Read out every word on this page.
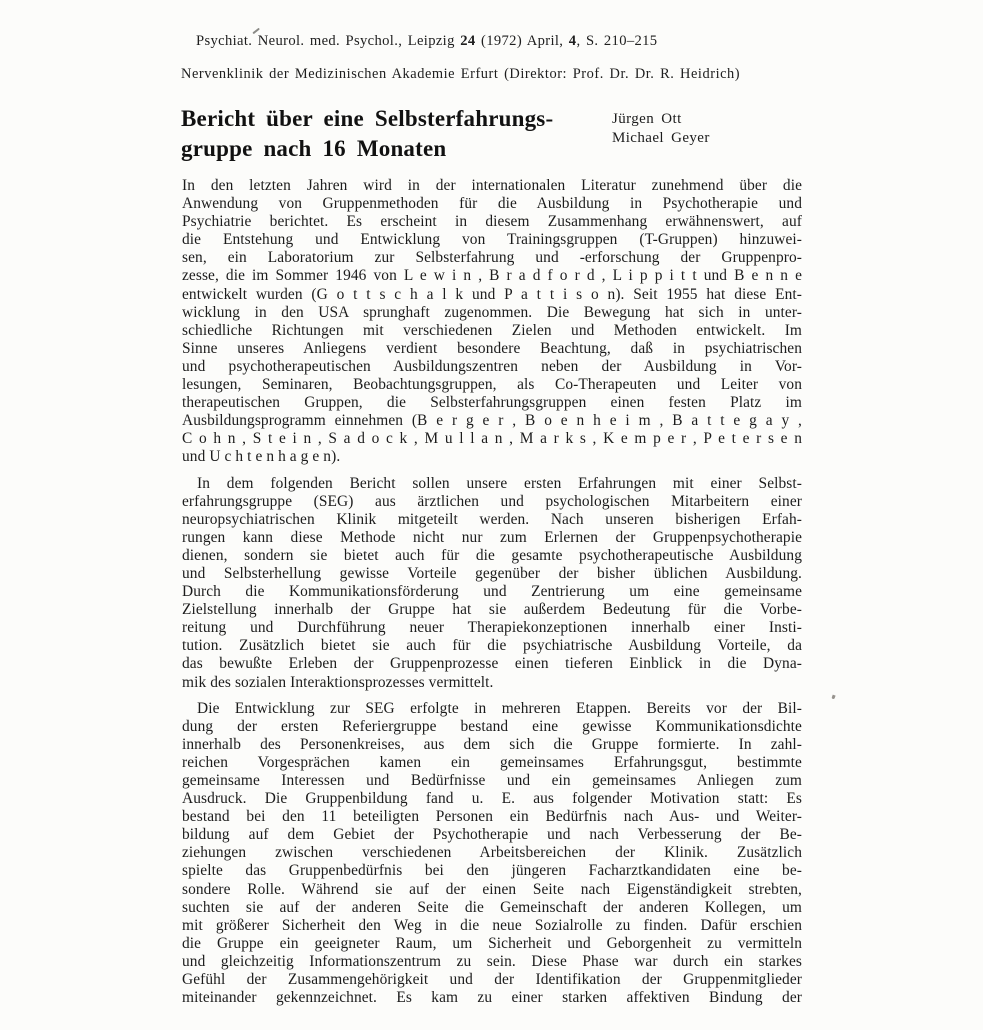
Psychiat. Neurol. med. Psychol., Leipzig 24 (1972) April, 4, S. 210–215
Nervenklinik der Medizinischen Akademie Erfurt (Direktor: Prof. Dr. Dr. R. Heidrich)
Bericht über eine Selbsterfahrungs-
gruppe nach 16 Monaten
Jürgen Ott
Michael Geyer
In den letzten Jahren wird in der internationalen Literatur zunehmend über die
Anwendung von Gruppenmethoden für die Ausbildung in Psychotherapie und
Psychiatrie berichtet. Es erscheint in diesem Zusammenhang erwähnenswert, auf
die Entstehung und Entwicklung von Trainingsgruppen (T-Gruppen) hinzuwei-
sen, ein Laboratorium zur Selbsterfahrung und -erforschung der Gruppenpro-
zesse, die im Sommer 1946 von L e w i n , B r a d f o r d , L i p p i t t und B e n n e
entwickelt wurden (G o t t s c h a l k und P a t t i s o n). Seit 1955 hat diese Ent-
wicklung in den USA sprunghaft zugenommen. Die Bewegung hat sich in unter-
schiedliche Richtungen mit verschiedenen Zielen und Methoden entwickelt. Im
Sinne unseres Anliegens verdient besondere Beachtung, daß in psychiatrischen
und psychotherapeutischen Ausbildungszentren neben der Ausbildung in Vor-
lesungen, Seminaren, Beobachtungsgruppen, als Co-Therapeuten und Leiter von
therapeutischen Gruppen, die Selbsterfahrungsgruppen einen festen Platz im
Ausbildungsprogramm einnehmen (B e r g e r , B o e n h e i m , B a t t e g a y ,
C o h n , S t e i n , S a d o c k , M u l l a n , M a r k s , K e m p e r , P e t e r s e n
und U c h t e n h a g e n).
In dem folgenden Bericht sollen unsere ersten Erfahrungen mit einer Selbst-
erfahrungsgruppe (SEG) aus ärztlichen und psychologischen Mitarbeitern einer
neuropsychiatrischen Klinik mitgeteilt werden. Nach unseren bisherigen Erfah-
rungen kann diese Methode nicht nur zum Erlernen der Gruppenpsychotherapie
dienen, sondern sie bietet auch für die gesamte psychotherapeutische Ausbildung
und Selbsterhellung gewisse Vorteile gegenüber der bisher üblichen Ausbildung.
Durch die Kommunikationsförderung und Zentrierung um eine gemeinsame
Zielstellung innerhalb der Gruppe hat sie außerdem Bedeutung für die Vorbe-
reitung und Durchführung neuer Therapiekonzeptionen innerhalb einer Insti-
tution. Zusätzlich bietet sie auch für die psychiatrische Ausbildung Vorteile, da
das bewußte Erleben der Gruppenprozesse einen tieferen Einblick in die Dyna-
mik des sozialen Interaktionsprozesses vermittelt.
Die Entwicklung zur SEG erfolgte in mehreren Etappen. Bereits vor der Bil-
dung der ersten Referiergruppe bestand eine gewisse Kommunikationsdichte
innerhalb des Personenkreises, aus dem sich die Gruppe formierte. In zahl-
reichen Vorgesprächen kamen ein gemeinsames Erfahrungsgut, bestimmte
gemeinsame Interessen und Bedürfnisse und ein gemeinsames Anliegen zum
Ausdruck. Die Gruppenbildung fand u. E. aus folgender Motivation statt: Es
bestand bei den 11 beteiligten Personen ein Bedürfnis nach Aus- und Weiter-
bildung auf dem Gebiet der Psychotherapie und nach Verbesserung der Be-
ziehungen zwischen verschiedenen Arbeitsbereichen der Klinik. Zusätzlich
spielte das Gruppenbedürfnis bei den jüngeren Facharztkandidaten eine be-
sondere Rolle. Während sie auf der einen Seite nach Eigenständigkeit strebten,
suchten sie auf der anderen Seite die Gemeinschaft der anderen Kollegen, um
mit größerer Sicherheit den Weg in die neue Sozialrolle zu finden. Dafür erschien
die Gruppe ein geeigneter Raum, um Sicherheit und Geborgenheit zu vermitteln
und gleichzeitig Informationszentrum zu sein. Diese Phase war durch ein starkes
Gefühl der Zusammengehörigkeit und der Identifikation der Gruppenmitglieder
miteinander gekennzeichnet. Es kam zu einer starken affektiven Bindung der
